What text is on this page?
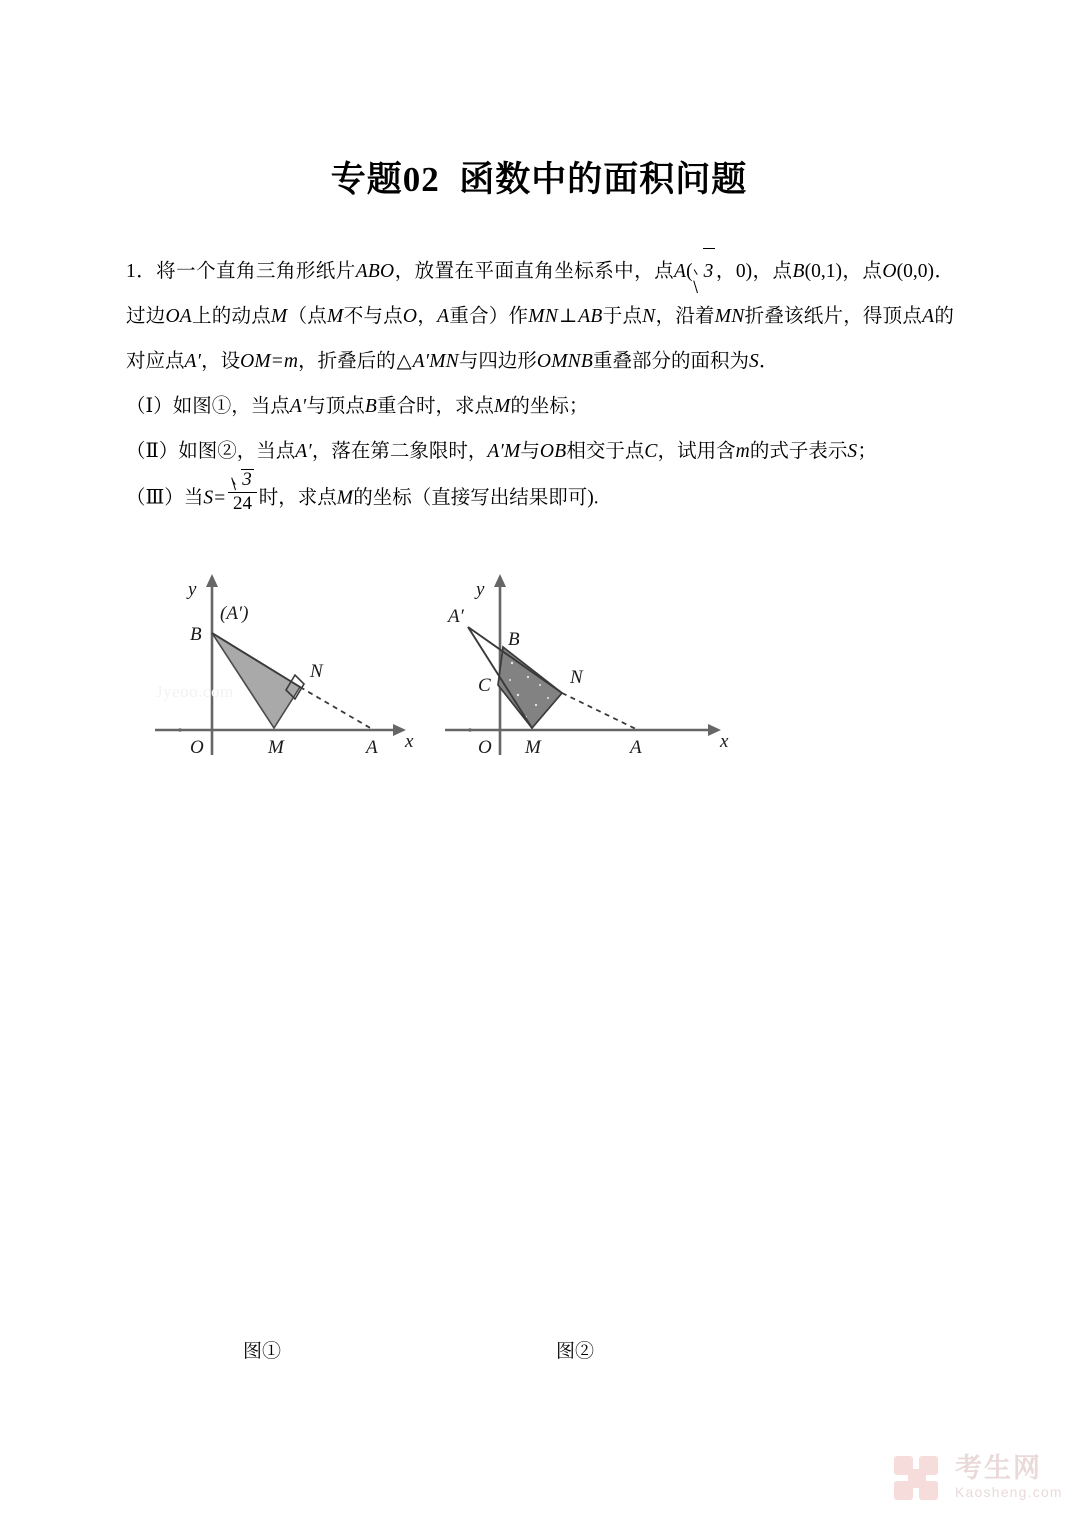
专题02 函数中的面积问题

1．将一个直角三角形纸片ABO，放置在平面直角坐标系中，点A( 3 ，0)，点B(0,1)，点O(0,0)．过边OA上的动点M（点M不与点O，A重合）作MN⊥AB于点N，沿着MN折叠该纸片，得顶点A的对应点A′，设OM=m，折叠后的△A′MN与四边形OMNB重叠部分的面积为S．

（Ⅰ）如图①，当点A′与顶点B重合时，求点M的坐标；

（Ⅱ）如图②，当点A′，落在第二象限时，A′M与OB相交于点C，试用含m的式子表示S；

（Ⅲ）当$S= \frac{3}{24}$ 时，求点M的坐标（直接写出结果即可).

y
x
B
(A′)
N
M	A
O
y
x
A′
B
C	N
M	A
O
图①	图②
Jyeoo.com
考生网
Kaosheng.com
